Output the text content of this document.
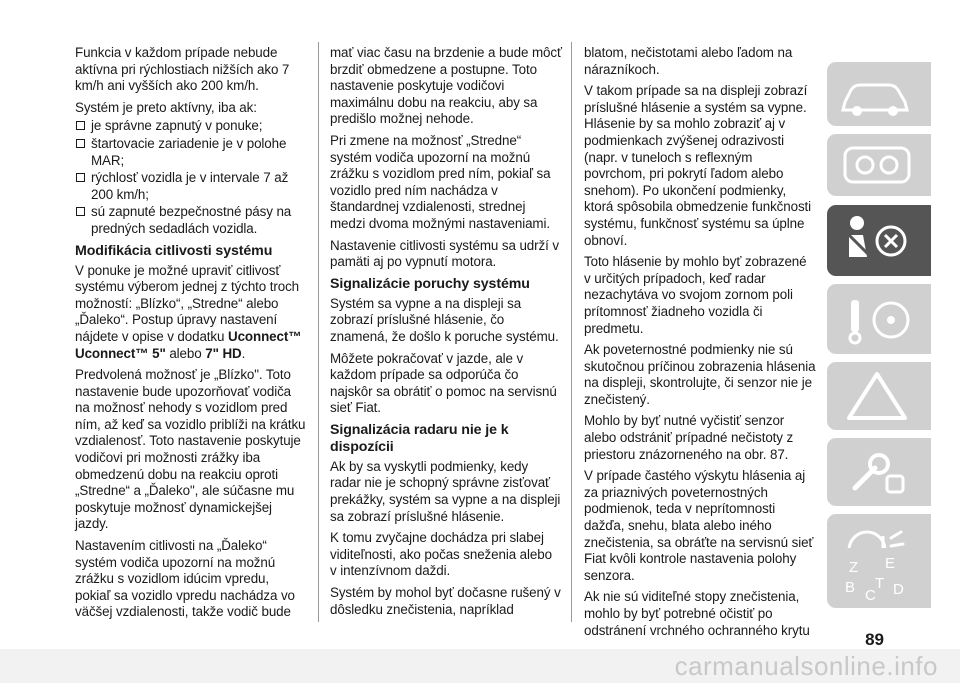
Funkcia v každom prípade nebude aktívna pri rýchlostiach nižších ako 7 km/h ani vyšších ako 200 km/h.

Systém je preto aktívny, iba ak:

je správne zapnutý v ponuke;
štartovacie zariadenie je v polohe MAR;
rýchlosť vozidla je v intervale 7 až 200 km/h;
sú zapnuté bezpečnostné pásy na predných sedadlách vozidla.
Modifikácia citlivosti systému

V ponuke je možné upraviť citlivosť systému výberom jednej z týchto troch možností: „Blízko“, „Stredne“ alebo „Ďaleko“. Postup úpravy nastavení nájdete v opise v dodatku Uconnect™ Uconnect™ 5" alebo 7" HD.

Predvolená možnosť je „Blízko". Toto nastavenie bude upozorňovať vodiča na možnosť nehody s vozidlom pred ním, až keď sa vozidlo priblíži na krátku vzdialenosť. Toto nastavenie poskytuje vodičovi pri možnosti zrážky iba obmedzenú dobu na reakciu oproti „Stredne“ a „Ďaleko", ale súčasne mu poskytuje možnosť dynamickejšej jazdy.

Nastavením citlivosti na „Ďaleko“ systém vodiča upozorní na možnú zrážku s vozidlom idúcim vpredu, pokiaľ sa vozidlo vpredu nachádza vo väčšej vzdialenosti, takže vodič bude

mať viac času na brzdenie a bude môcť brzdiť obmedzene a postupne. Toto nastavenie poskytuje vodičovi maximálnu dobu na reakciu, aby sa predišlo možnej nehode.

Pri zmene na možnosť „Stredne“ systém vodiča upozorní na možnú zrážku s vozidlom pred ním, pokiaľ sa vozidlo pred ním nachádza v štandardnej vzdialenosti, strednej medzi dvoma možnými nastaveniami.

Nastavenie citlivosti systému sa udrží v pamäti aj po vypnutí motora.

Signalizácie poruchy systému

Systém sa vypne a na displeji sa zobrazí príslušné hlásenie, čo znamená, že došlo k poruche systému.

Môžete pokračovať v jazde, ale v každom prípade sa odporúča čo najskôr sa obrátiť o pomoc na servisnú sieť Fiat.

Signalizácia radaru nie je k dispozícii

Ak by sa vyskytli podmienky, kedy radar nie je schopný správne zisťovať prekážky, systém sa vypne a na displeji sa zobrazí príslušné hlásenie.

K tomu zvyčajne dochádza pri slabej viditeľnosti, ako počas sneženia alebo v intenzívnom daždi.

Systém by mohol byť dočasne rušený v dôsledku znečistenia, napríklad

blatom, nečistotami alebo ľadom na nárazníkoch.

V takom prípade sa na displeji zobrazí príslušné hlásenie a systém sa vypne. Hlásenie by sa mohlo zobraziť aj v podmienkach zvýšenej odrazivosti (napr. v tuneloch s reflexným povrchom, pri pokrytí ľadom alebo snehom). Po ukončení podmienky, ktorá spôsobila obmedzenie funkčnosti systému, funkčnosť systému sa úplne obnoví.

Toto hlásenie by mohlo byť zobrazené v určitých prípadoch, keď radar nezachytáva vo svojom zornom poli prítomnosť žiadneho vozidla či predmetu.

Ak poveternostné podmienky nie sú skutočnou príčinou zobrazenia hlásenia na displeji, skontrolujte, či senzor nie je znečistený.

Mohlo by byť nutné vyčistiť senzor alebo odstrániť prípadné nečistoty z priestoru znázorneného na obr. 87.

V prípade častého výskytu hlásenia aj za priaznivých poveternostných podmienok, teda v neprítomnosti dažďa, snehu, blata alebo iného znečistenia, sa obráťte na servisnú sieť Fiat kvôli kontrole nastavenia polohy senzora.

Ak nie sú viditeľné stopy znečistenia, mohlo by byť potrebné očistiť po odstránení vrchného ochranného krytu

Z E
B C
T D
89
carmanualsonline.info
